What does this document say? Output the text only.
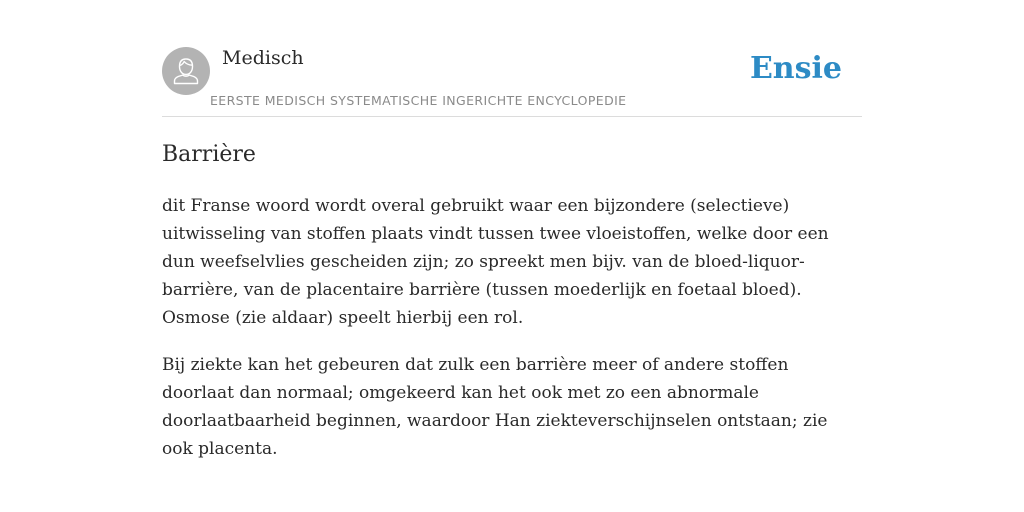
Medisch
EERSTE MEDISCH SYSTEMATISCHE INGERICHTE ENCYCLOPEDIE
Ensie
Barrière

dit Franse woord wordt overal gebruikt waar een bijzondere (selectieve) uitwisseling van stoffen plaats vindt tussen twee vloeistoffen, welke door een dun weefselvlies gescheiden zijn; zo spreekt men bijv. van de bloed-liquor-barrière, van de placentaire barrière (tussen moederlijk en foetaal bloed). Osmose (zie aldaar) speelt hierbij een rol.

Bij ziekte kan het gebeuren dat zulk een barrière meer of andere stoffen doorlaat dan normaal; omgekeerd kan het ook met zo een abnormale doorlaatbaarheid beginnen, waardoor Han ziekteverschijnselen ontstaan; zie ook placenta.
